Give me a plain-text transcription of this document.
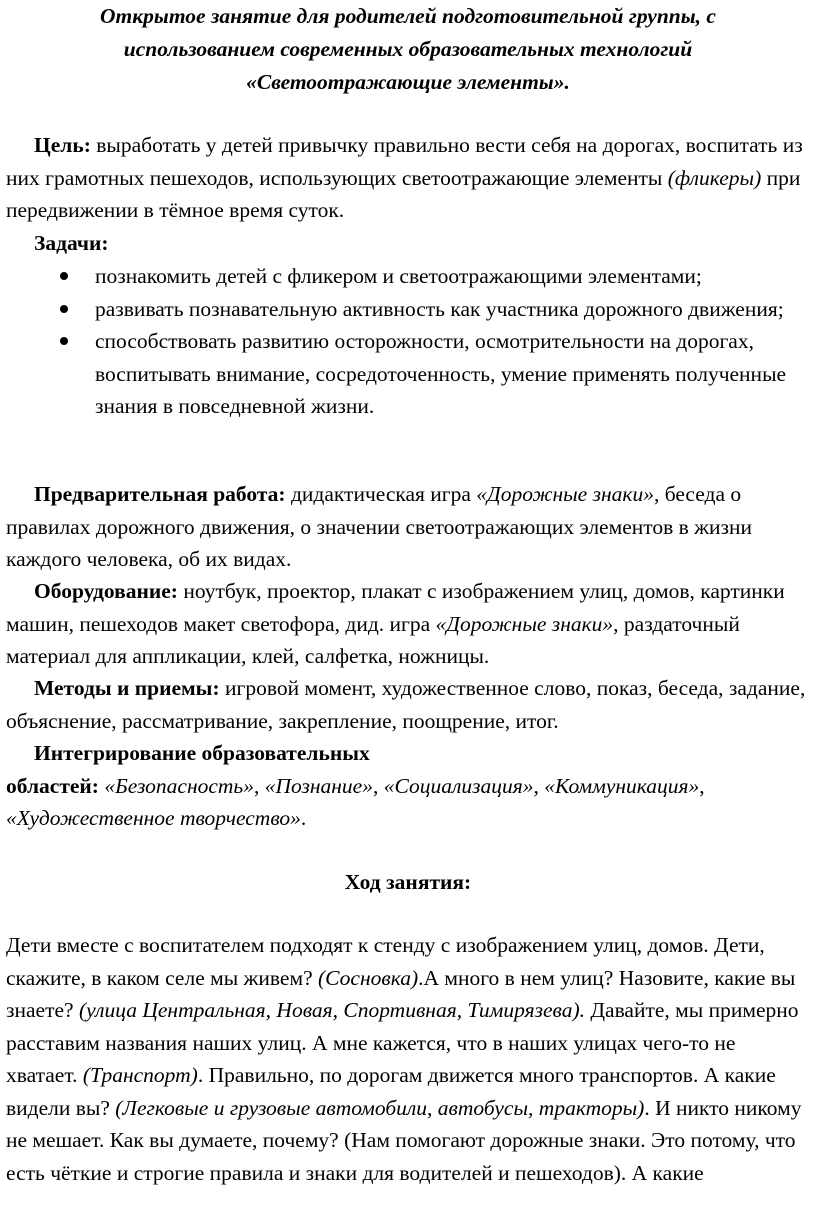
Открытое занятие для родителей подготовительной группы, с
использованием современных образовательных технологий
«Светоотражающие элементы».
Цель: выработать у детей привычку правильно вести себя на дорогах, воспитать из них грамотных пешеходов, использующих светоотражающие элементы (фликеры) при передвижении в тёмное время суток.
Задачи:
познакомить детей с фликером и светоотражающими элементами;
развивать познавательную активность как участника дорожного движения;
способствовать развитию осторожности, осмотрительности на дорогах, воспитывать внимание, сосредоточенность, умение применять полученные знания в повседневной жизни.
Предварительная работа: дидактическая игра «Дорожные знаки», беседа о правилах дорожного движения, о значении светоотражающих элементов в жизни каждого человека, об их видах.
Оборудование: ноутбук, проектор, плакат с изображением улиц, домов, картинки машин, пешеходов макет светофора, дид. игра «Дорожные знаки», раздаточный материал для аппликации, клей, салфетка, ножницы.
Методы и приемы: игровой момент, художественное слово, показ, беседа, задание, объяснение, рассматривание, закрепление, поощрение, итог.
Интегрирование образовательных
областей: «Безопасность», «Познание», «Социализация», «Коммуникация», «Художественное творчество».
Ход занятия:
Дети вместе с воспитателем подходят к стенду с изображением улиц, домов. Дети, скажите, в каком селе мы живем? (Сосновка).А много в нем улиц? Назовите, какие вы знаете? (улица Центральная, Новая, Спортивная, Тимирязева). Давайте, мы примерно расставим названия наших улиц. А мне кажется, что в наших улицах чего-то не хватает. (Транспорт). Правильно, по дорогам движется много транспортов. А какие видели вы? (Легковые и грузовые автомобили, автобусы, тракторы). И никто никому не мешает. Как вы думаете, почему? (Нам помогают дорожные знаки. Это потому, что есть чёткие и строгие правила и знаки для водителей и пешеходов). А какие
